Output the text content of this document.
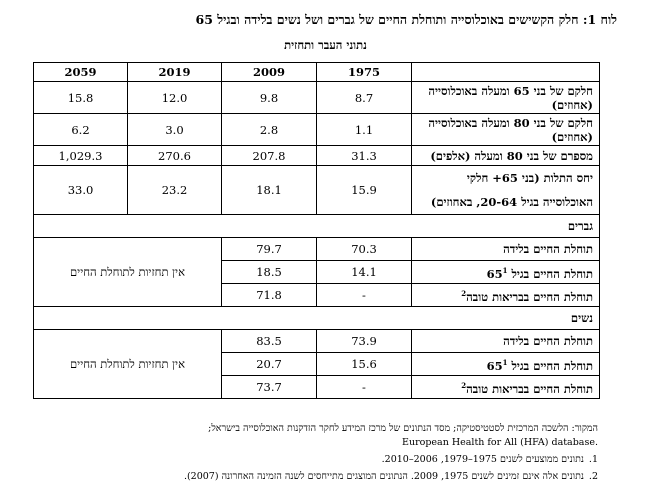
לוח 1: חלק הקשישים באוכלוסייה ותוחלת החיים של גברים ושל נשים בלידה ובגיל 65
נתוני העבר ותחזית
	1975	2009	2019	2059
חלקם של בני 65 ומעלה באוכלוסייה (אחוזים)	8.7	9.8	12.0	15.8
חלקם של בני 80 ומעלה באוכלוסייה (אחוזים)	1.1	2.8	3.0	6.2
מספרם של בני 80 ומעלה (אלפים)	31.3	207.8	270.6	1,029.3
יחס התלות (בני 65+ חלקי האוכלוסייה בגיל 20-64, באחוזים)	15.9	18.1	23.2	33.0
גברים				
תוחלת החיים בלידה	70.3	79.7	אין תחזיות לתוחלת החיים	
תוחלת החיים בגיל $65^1$	14.1	18.5		
תוחלת החיים בבריאות טובה$^2$	-	71.8		
נשים				
תוחלת החיים בלידה	73.9	83.5	אין תחזיות לתוחלת החיים	
תוחלת החיים בגיל $65^1$	15.6	20.7		
תוחלת החיים בבריאות טובה$^2$	-	73.7		
המקור: הלשכה המרכזית לסטטיסטיקה; מסד הנתונים של מרכז המידע לחקר הזדקנות האוכלוסייה בישראל;
European Health for All (HFA) database.
1.
נתונים ממוצעים לשנים 1975–1979, 2006–2010.
2.
נתונים אלה אינם זמינים לשנים 1975, 2009. הנתונים המוצגים מתייחסים לשנה הזמינה האחרונה (2007).
